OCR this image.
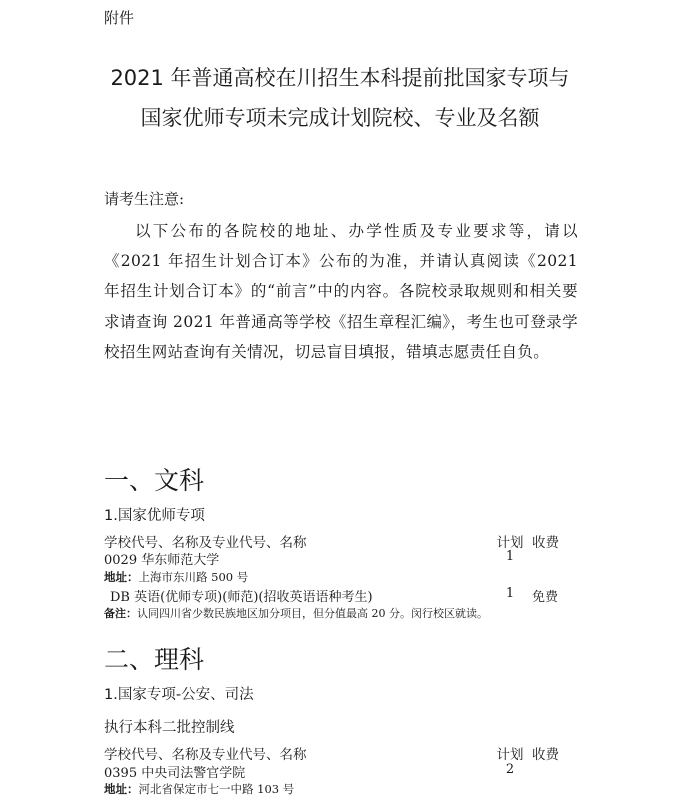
附件
2021 年普通高校在川招生本科提前批国家专项与
国家优师专项未完成计划院校、专业及名额
请考生注意:

以下公布的各院校的地址、办学性质及专业要求等，请以《2021 年招生计划合订本》公布的为准，并请认真阅读《2021 年招生计划合订本》的“前言”中的内容。各院校录取规则和相关要求请查询 2021 年普通高等学校《招生章程汇编》，考生也可登录学校招生网站查询有关情况，切忌盲目填报，错填志愿责任自负。

一、文科
1.国家优师专项
学校代号、名称及专业代号、名称	计划 收费
0029 华东师范大学	1
地址：上海市东川路 500 号
DB 英语(优师专项)(师范)(招收英语语种考生)	1	免费
备注：认同四川省少数民族地区加分项目，但分值最高 20 分。闵行校区就读。
二、理科
1.国家专项-公安、司法
执行本科二批控制线
学校代号、名称及专业代号、名称	计划 收费
0395 中央司法警官学院	2
地址：河北省保定市七一中路 103 号
